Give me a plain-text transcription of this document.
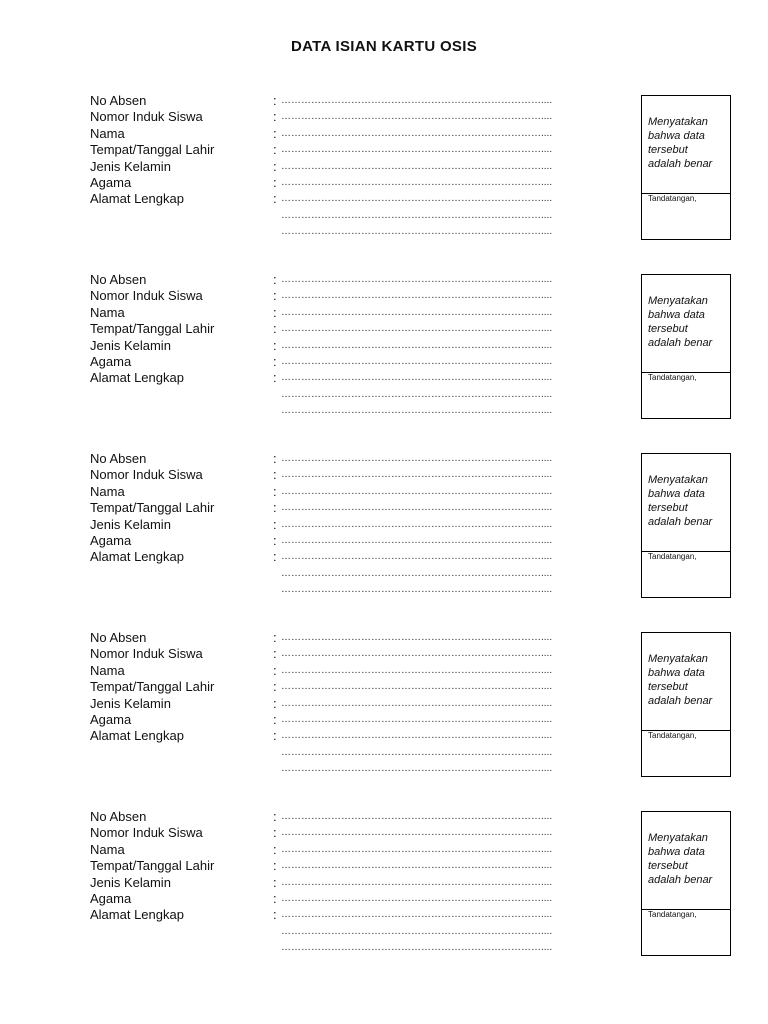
DATA ISIAN KARTU OSIS
No Absen	: ……………………………………………………………………....
Nomor Induk Siswa	: ……………………………………………………………………....
Nama	: ……………………………………………………………………....
Tempat/Tanggal Lahir	: ……………………………………………………………………....
Jenis Kelamin	: ……………………………………………………………………....
Agama	: ……………………………………………………………………....
Alamat Lengkap	: ……………………………………………………………………....
……………………………………………………………………....
……………………………………………………………………....
Menyatakan
bahwa data
tersebut
adalah benar
Tandatangan,
No Absen	: ……………………………………………………………………....
Nomor Induk Siswa	: ……………………………………………………………………....
Nama	: ……………………………………………………………………....
Tempat/Tanggal Lahir	: ……………………………………………………………………....
Jenis Kelamin	: ……………………………………………………………………....
Agama	: ……………………………………………………………………....
Alamat Lengkap	: ……………………………………………………………………....
……………………………………………………………………....
……………………………………………………………………....
Menyatakan
bahwa data
tersebut
adalah benar
Tandatangan,
No Absen	: ……………………………………………………………………....
Nomor Induk Siswa	: ……………………………………………………………………....
Nama	: ……………………………………………………………………....
Tempat/Tanggal Lahir	: ……………………………………………………………………....
Jenis Kelamin	: ……………………………………………………………………....
Agama	: ……………………………………………………………………....
Alamat Lengkap	: ……………………………………………………………………....
……………………………………………………………………....
……………………………………………………………………....
Menyatakan
bahwa data
tersebut
adalah benar
Tandatangan,
No Absen	: ……………………………………………………………………....
Nomor Induk Siswa	: ……………………………………………………………………....
Nama	: ……………………………………………………………………....
Tempat/Tanggal Lahir	: ……………………………………………………………………....
Jenis Kelamin	: ……………………………………………………………………....
Agama	: ……………………………………………………………………....
Alamat Lengkap	: ……………………………………………………………………....
……………………………………………………………………....
……………………………………………………………………....
Menyatakan
bahwa data
tersebut
adalah benar
Tandatangan,
No Absen	: ……………………………………………………………………....
Nomor Induk Siswa	: ……………………………………………………………………....
Nama	: ……………………………………………………………………....
Tempat/Tanggal Lahir	: ……………………………………………………………………....
Jenis Kelamin	: ……………………………………………………………………....
Agama	: ……………………………………………………………………....
Alamat Lengkap	: ……………………………………………………………………....
……………………………………………………………………....
……………………………………………………………………....
Menyatakan
bahwa data
tersebut
adalah benar
Tandatangan,
